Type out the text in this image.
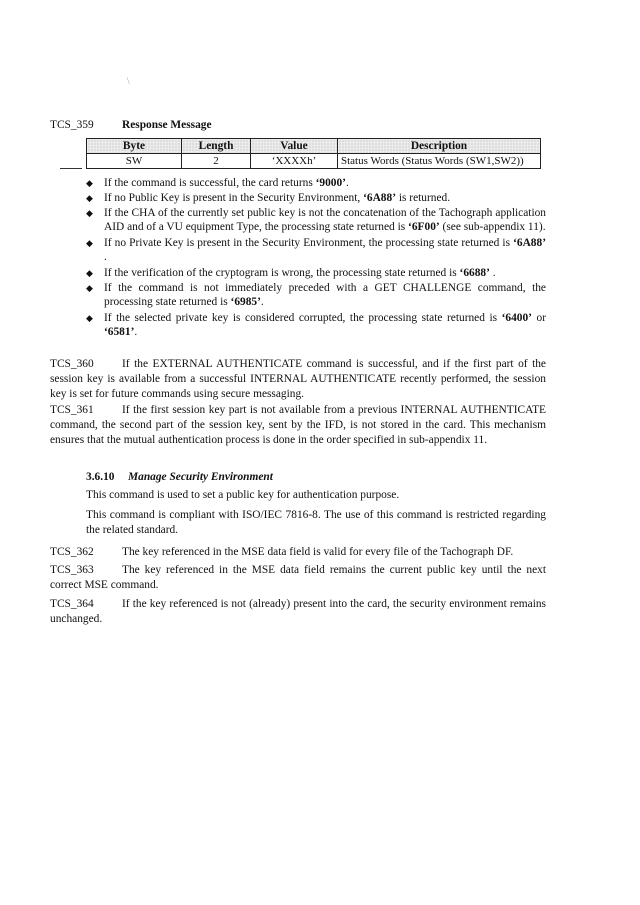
\
TCS_359 Response Message
Byte	Length	Value	Description
SW	2	‘XXXXh’	Status Words (Status Words (SW1,SW2))
◆ If the command is successful, the card returns ‘9000’.
◆ If no Public Key is present in the Security Environment, ‘6A88’ is returned.
◆ If the CHA of the currently set public key is not the concatenation of the Tachograph application AID and of a VU equipment Type, the processing state returned is ‘6F00’ (see sub-appendix 11).
◆ If no Private Key is present in the Security Environment, the processing state returned is ‘6A88’ .
◆ If the verification of the cryptogram is wrong, the processing state returned is ‘6688’ .
◆ If the command is not immediately preceded with a GET CHALLENGE command, the processing state returned is ‘6985’.
◆ If the selected private key is considered corrupted, the processing state returned is ‘6400’ or ‘6581’.
TCS_360 If the EXTERNAL AUTHENTICATE command is successful, and if the first part of the session key is available from a successful INTERNAL AUTHENTICATE recently performed, the session key is set for future commands using secure messaging.
TCS_361 If the first session key part is not available from a previous INTERNAL AUTHENTICATE command, the second part of the session key, sent by the IFD, is not stored in the card. This mechanism ensures that the mutual authentication process is done in the order specified in sub-appendix 11.
3.6.10 Manage Security Environment
This command is used to set a public key for authentication purpose.
This command is compliant with ISO/IEC 7816-8. The use of this command is restricted regarding the related standard.
TCS_362 The key referenced in the MSE data field is valid for every file of the Tachograph DF.
TCS_363 The key referenced in the MSE data field remains the current public key until the next correct MSE command.
TCS_364 If the key referenced is not (already) present into the card, the security environment remains unchanged.
